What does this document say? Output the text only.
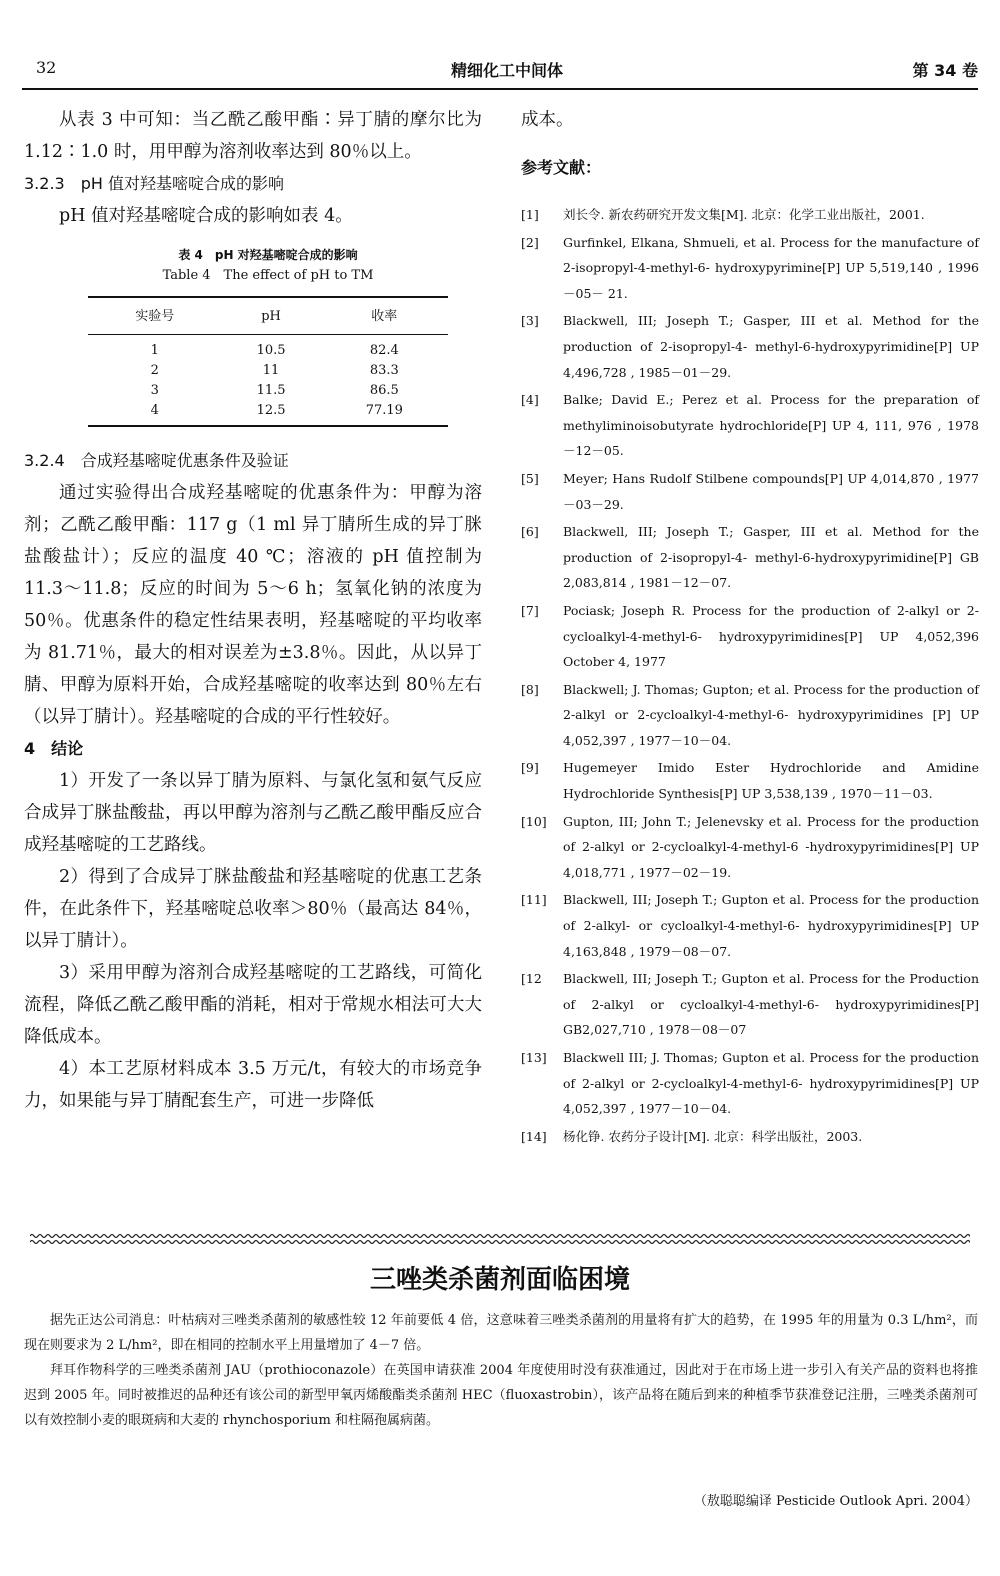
32	精细化工中间体	第 34 卷

从表 3 中可知：当乙酰乙酸甲酯∶异丁腈的摩尔比为 1.12∶1.0 时，用甲醇为溶剂收率达到 80％以上。

3.2.3　pH 值对羟基嘧啶合成的影响

pH 值对羟基嘧啶合成的影响如表 4。

表 4　pH 对羟基嘧啶合成的影响
Table 4　The effect of pH to TM
实验号	pH	收率
1	10.5	82.4
2	11	83.3
3	11.5	86.5
4	12.5	77.19

3.2.4　合成羟基嘧啶优惠条件及验证

通过实验得出合成羟基嘧啶的优惠条件为：甲醇为溶剂；乙酰乙酸甲酯：117 g（1 ml 异丁腈所生成的异丁脒盐酸盐计）；反应的温度 40 ℃；溶液的 pH 值控制为 11.3～11.8；反应的时间为 5～6 h；氢氧化钠的浓度为 50％。优惠条件的稳定性结果表明，羟基嘧啶的平均收率为 81.71％，最大的相对误差为±3.8％。因此，从以异丁腈、甲醇为原料开始，合成羟基嘧啶的收率达到 80％左右（以异丁腈计）。羟基嘧啶的合成的平行性较好。

4　结论

1）开发了一条以异丁腈为原料、与氯化氢和氨气反应合成异丁脒盐酸盐，再以甲醇为溶剂与乙酰乙酸甲酯反应合成羟基嘧啶的工艺路线。

2）得到了合成异丁脒盐酸盐和羟基嘧啶的优惠工艺条件，在此条件下，羟基嘧啶总收率＞80％（最高达 84％，以异丁腈计）。

3）采用甲醇为溶剂合成羟基嘧啶的工艺路线，可简化流程，降低乙酰乙酸甲酯的消耗，相对于常规水相法可大大降低成本。

4）本工艺原材料成本 3.5 万元/t，有较大的市场竞争力，如果能与异丁腈配套生产，可进一步降低

成本。

参考文献：
[1] 刘长令. 新农药研究开发文集[M]. 北京：化学工业出版社，2001.
[2] Gurfinkel, Elkana, Shmueli, et al. Process for the manufacture of 2-isopropyl-4-methyl-6- hydroxypyrimine[P] UP 5,519,140 , 1996－05－ 21.
[3] Blackwell, III; Joseph T.; Gasper, III et al. Method for the production of 2-isopropyl-4- methyl-6-hydroxypyrimidine[P] UP 4,496,728 , 1985－01－29.
[4] Balke; David E.; Perez et al. Process for the preparation of methyliminoisobutyrate hydrochloride[P] UP 4, 111, 976 , 1978－12－05.
[5] Meyer; Hans Rudolf Stilbene compounds[P] UP 4,014,870 , 1977－03－29.
[6] Blackwell, III; Joseph T.; Gasper, III et al. Method for the production of 2-isopropyl-4- methyl-6-hydroxypyrimidine[P] GB 2,083,814 , 1981－12－07.
[7] Pociask; Joseph R. Process for the production of 2-alkyl or 2-cycloalkyl-4-methyl-6- hydroxypyrimidines[P] UP 4,052,396 October 4, 1977
[8] Blackwell; J. Thomas; Gupton; et al. Process for the production of 2-alkyl or 2-cycloalkyl-4-methyl-6- hydroxypyrimidines [P] UP 4,052,397 , 1977－10－04.
[9] Hugemeyer Imido Ester Hydrochloride and Amidine Hydrochloride Synthesis[P] UP 3,538,139 , 1970－11－03.
[10] Gupton, III; John T.; Jelenevsky et al. Process for the production of 2-alkyl or 2-cycloalkyl-4-methyl-6 -hydroxypyrimidines[P] UP 4,018,771 , 1977－02－19.
[11] Blackwell, III; Joseph T.; Gupton et al. Process for the production of 2-alkyl- or cycloalkyl-4-methyl-6- hydroxypyrimidines[P] UP 4,163,848 , 1979－08－07.
[12 Blackwell, III; Joseph T.; Gupton et al. Process for the Production of 2-alkyl or cycloalkyl-4-methyl-6- hydroxypyrimidines[P] GB2,027,710 , 1978－08－07
[13] Blackwell III; J. Thomas; Gupton et al. Process for the production of 2-alkyl or 2-cycloalkyl-4-methyl-6- hydroxypyrimidines[P] UP 4,052,397 , 1977－10－04.
[14] 杨化铮. 农药分子设计[M]. 北京：科学出版社，2003.
三唑类杀菌剂面临困境

据先正达公司消息：叶枯病对三唑类杀菌剂的敏感性较 12 年前要低 4 倍，这意味着三唑类杀菌剂的用量将有扩大的趋势，在 1995 年的用量为 0.3 L/hm²，而现在则要求为 2 L/hm²，即在相同的控制水平上用量增加了 4－7 倍。

拜耳作物科学的三唑类杀菌剂 JAU（prothioconazole）在英国申请获准 2004 年度使用时没有获准通过，因此对于在市场上进一步引入有关产品的资料也将推迟到 2005 年。同时被推迟的品种还有该公司的新型甲氧丙烯酸酯类杀菌剂 HEC（fluoxastrobin），该产品将在随后到来的种植季节获准登记注册，三唑类杀菌剂可以有效控制小麦的眼斑病和大麦的 rhynchosporium 和柱隔孢属病菌。

（敖聪聪编译 Pesticide Outlook Apri. 2004）
